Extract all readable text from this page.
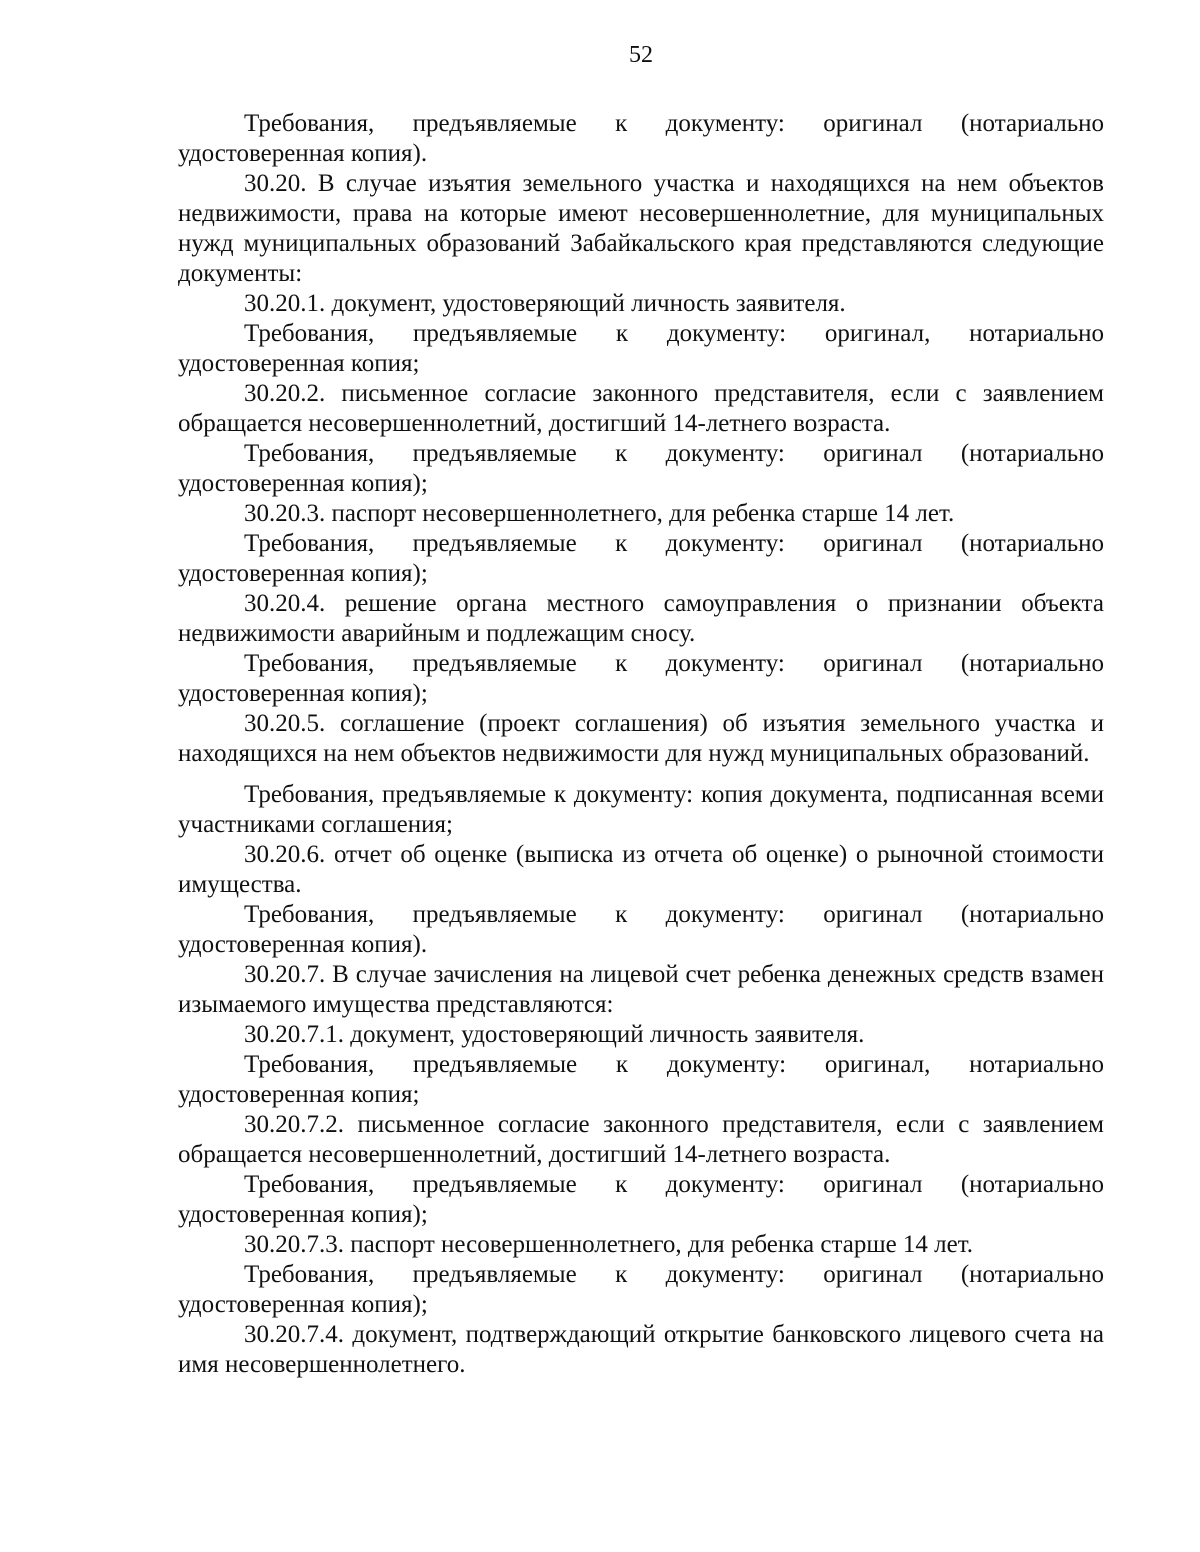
52

Требования, предъявляемые к документу: оригинал (нотариально удостоверенная копия).

30.20. В случае изъятия земельного участка и находящихся на нем объектов недвижимости, права на которые имеют несовершеннолетние, для муниципальных нужд муниципальных образований Забайкальского края представляются следующие документы:

30.20.1. документ, удостоверяющий личность заявителя.

Требования, предъявляемые к документу: оригинал, нотариально удостоверенная копия;

30.20.2. письменное согласие законного представителя, если с заявлением обращается несовершеннолетний, достигший 14-летнего возраста.

Требования, предъявляемые к документу: оригинал (нотариально удостоверенная копия);

30.20.3. паспорт несовершеннолетнего, для ребенка старше 14 лет.

Требования, предъявляемые к документу: оригинал (нотариально удостоверенная копия);

30.20.4. решение органа местного самоуправления о признании объекта недвижимости аварийным и подлежащим сносу.

Требования, предъявляемые к документу: оригинал (нотариально удостоверенная копия);

30.20.5. соглашение (проект соглашения) об изъятия земельного участка и находящихся на нем объектов недвижимости для нужд муниципальных образований.

Требования, предъявляемые к документу: копия документа, подписанная всеми участниками соглашения;

30.20.6. отчет об оценке (выписка из отчета об оценке) о рыночной стоимости имущества.

Требования, предъявляемые к документу: оригинал (нотариально удостоверенная копия).

30.20.7. В случае зачисления на лицевой счет ребенка денежных средств взамен изымаемого имущества представляются:

30.20.7.1. документ, удостоверяющий личность заявителя.

Требования, предъявляемые к документу: оригинал, нотариально удостоверенная копия;

30.20.7.2. письменное согласие законного представителя, если с заявлением обращается несовершеннолетний, достигший 14-летнего возраста.

Требования, предъявляемые к документу: оригинал (нотариально удостоверенная копия);

30.20.7.3. паспорт несовершеннолетнего, для ребенка старше 14 лет.

Требования, предъявляемые к документу: оригинал (нотариально удостоверенная копия);

30.20.7.4. документ, подтверждающий открытие банковского лицевого счета на имя несовершеннолетнего.
